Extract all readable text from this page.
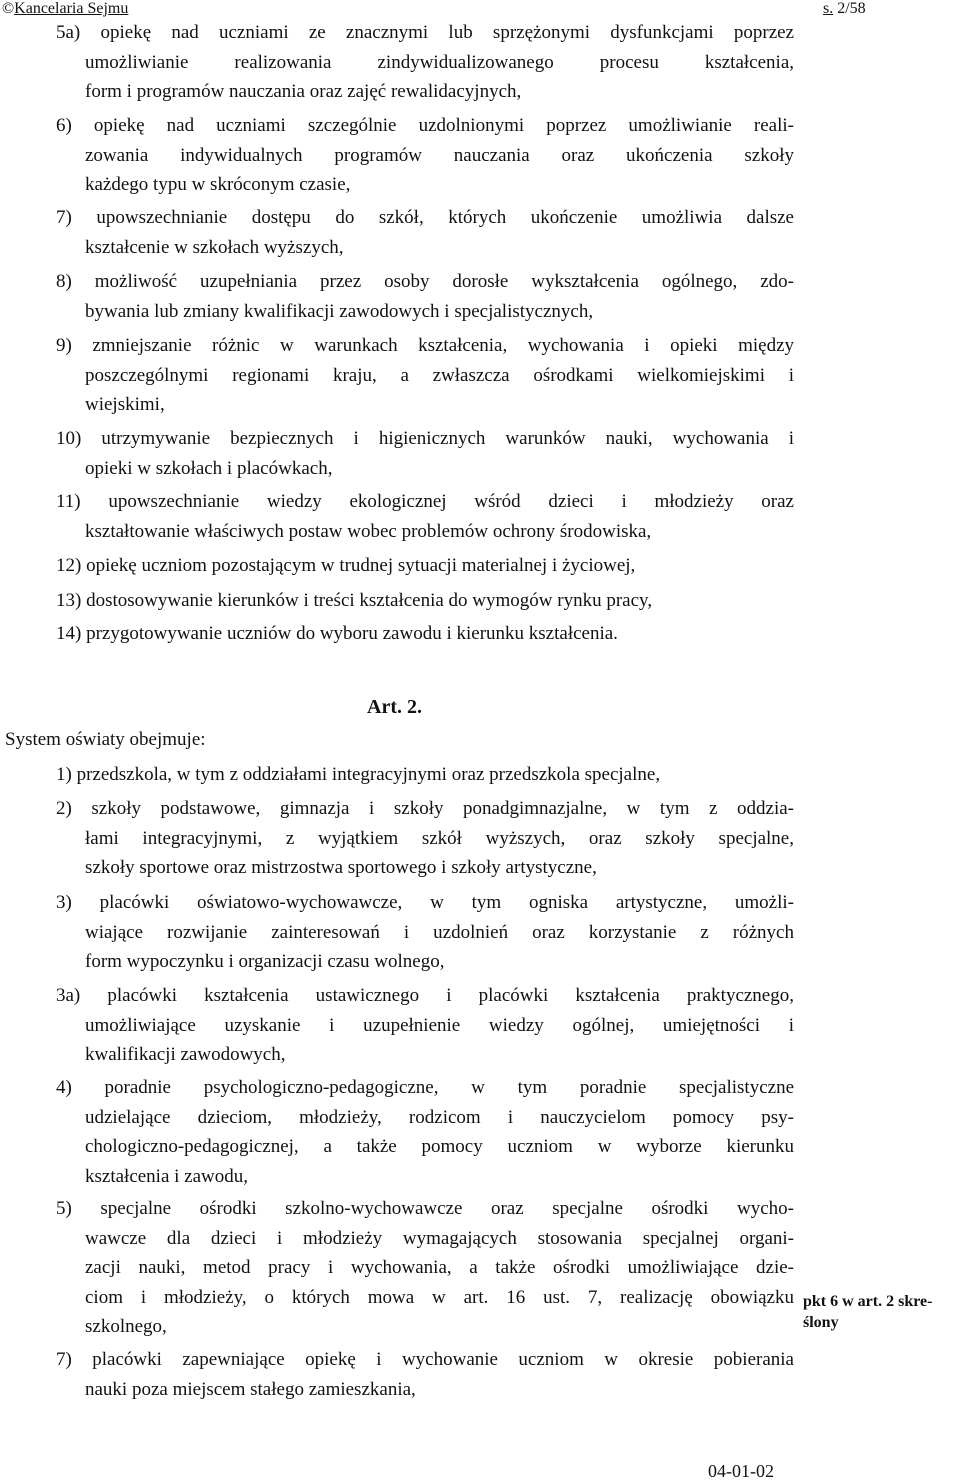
©Kancelaria Sejmu	s. 2/58
5a) opiekę nad uczniami ze znacznymi lub sprzężonymi dysfunkcjami poprzez
umożliwianie realizowania zindywidualizowanego procesu kształcenia,
form i programów nauczania oraz zajęć rewalidacyjnych,
6) opiekę nad uczniami szczególnie uzdolnionymi poprzez umożliwianie reali-
zowania indywidualnych programów nauczania oraz ukończenia szkoły
każdego typu w skróconym czasie,
7) upowszechnianie dostępu do szkół, których ukończenie umożliwia dalsze
kształcenie w szkołach wyższych,
8) możliwość uzupełniania przez osoby dorosłe wykształcenia ogólnego, zdo-
bywania lub zmiany kwalifikacji zawodowych i specjalistycznych,
9) zmniejszanie różnic w warunkach kształcenia, wychowania i opieki między
poszczególnymi regionami kraju, a zwłaszcza ośrodkami wielkomiejskimi i
wiejskimi,
10) utrzymywanie bezpiecznych i higienicznych warunków nauki, wychowania i
opieki w szkołach i placówkach,
11) upowszechnianie wiedzy ekologicznej wśród dzieci i młodzieży oraz
kształtowanie właściwych postaw wobec problemów ochrony środowiska,
12) opiekę uczniom pozostającym w trudnej sytuacji materialnej i życiowej,
13) dostosowywanie kierunków i treści kształcenia do wymogów rynku pracy,
14) przygotowywanie uczniów do wyboru zawodu i kierunku kształcenia.
Art. 2.
System oświaty obejmuje:
1) przedszkola, w tym z oddziałami integracyjnymi oraz przedszkola specjalne,
2) szkoły podstawowe, gimnazja i szkoły ponadgimnazjalne, w tym z oddzia-
łami integracyjnymi, z wyjątkiem szkół wyższych, oraz szkoły specjalne,
szkoły sportowe oraz mistrzostwa sportowego i szkoły artystyczne,
3) placówki oświatowo-wychowawcze, w tym ogniska artystyczne, umożli-
wiające rozwijanie zainteresowań i uzdolnień oraz korzystanie z różnych
form wypoczynku i organizacji czasu wolnego,
3a) placówki kształcenia ustawicznego i placówki kształcenia praktycznego,
umożliwiające uzyskanie i uzupełnienie wiedzy ogólnej, umiejętności i
kwalifikacji zawodowych,
4) poradnie psychologiczno-pedagogiczne, w tym poradnie specjalistyczne
udzielające dzieciom, młodzieży, rodzicom i nauczycielom pomocy psy-
chologiczno-pedagogicznej, a także pomocy uczniom w wyborze kierunku
kształcenia i zawodu,
5) specjalne ośrodki szkolno-wychowawcze oraz specjalne ośrodki wycho-
wawcze dla dzieci i młodzieży wymagających stosowania specjalnej organi-
zacji nauki, metod pracy i wychowania, a także ośrodki umożliwiające dzie-
ciom i młodzieży, o których mowa w art. 16 ust. 7, realizację obowiązku
szkolnego,
7) placówki zapewniające opiekę i wychowanie uczniom w okresie pobierania
nauki poza miejscem stałego zamieszkania,
pkt 6 w art. 2 skre-
ślony
04-01-02
